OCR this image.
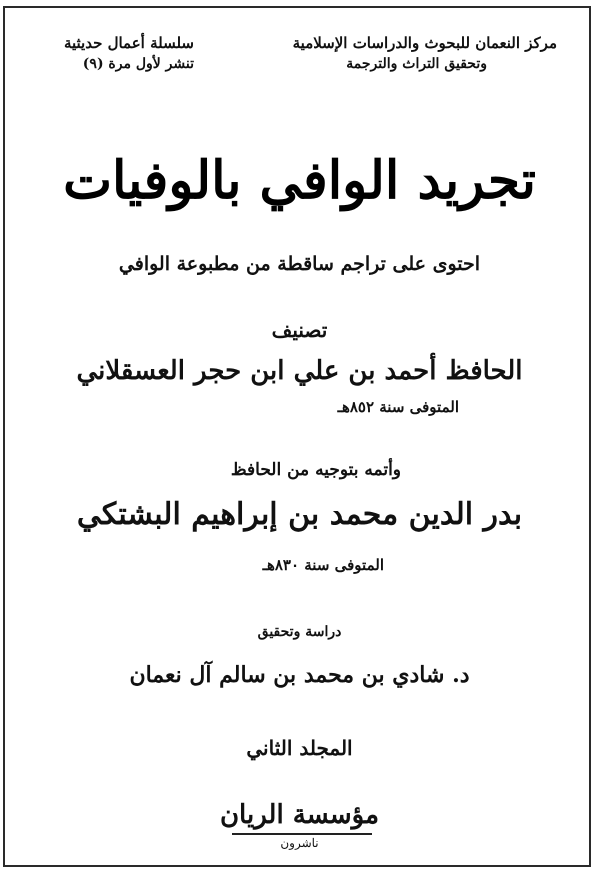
مركز النعمان للبحوث والدراسات الإسلامية
وتحقيق التراث والترجمة
سلسلة أعمال حديثية
تنشر لأول مرة (٩)
تجريد الوافي بالوفيات
احتوى على تراجم ساقطة من مطبوعة الوافي
تصنيف
الحافظ أحمد بن علي ابن حجر العسقلاني
المتوفى سنة ٨٥٢هـ
وأتمه بتوجيه من الحافظ
بدر الدين محمد بن إبراهيم البشتكي
المتوفى سنة ٨٣٠هـ
دراسة وتحقيق
د. شادي بن محمد بن سالم آل نعمان
المجلد الثاني
مؤسسة الريان
ناشرون
